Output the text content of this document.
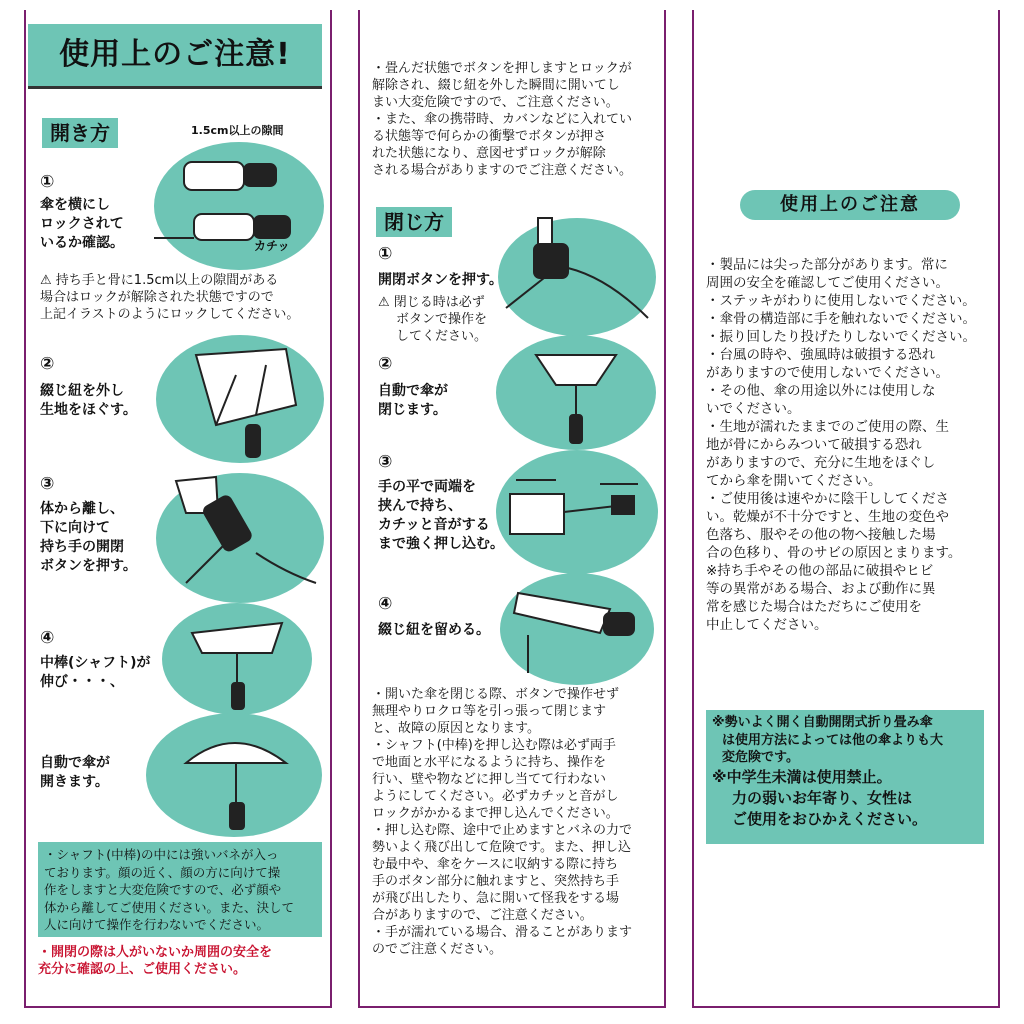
使用上のご注意!
開き方	1.5cm以上の隙間
カチッ
①

傘を横にし

ロックされて

いるか確認。

⚠ 持ち手と骨に1.5cm以上の隙間がある

場合はロックが解除された状態ですので

上記イラストのようにロックしてください。

②

綴じ紐を外し

生地をほぐす。

③

体から離し、

下に向けて

持ち手の開閉

ボタンを押す。

④

中棒(シャフト)が

伸び・・・、

自動で傘が

開きます。

・シャフト(中棒)の中には強いバネが入っ

ております。顔の近く、顔の方に向けて操

作をしますと大変危険ですので、必ず顔や

体から離してご使用ください。また、決して

人に向けて操作を行わないでください。

・開閉の際は人がいないか周囲の安全を

充分に確認の上、ご使用ください。

・畳んだ状態でボタンを押しますとロックが

解除され、綴じ紐を外した瞬間に開いてし

まい大変危険ですので、ご注意ください。

・また、傘の携帯時、カバンなどに入れてい

る状態等で何らかの衝撃でボタンが押さ

れた状態になり、意図せずロックが解除

される場合がありますのでご注意ください。

閉じ方
①
開閉ボタンを押す。

⚠ 閉じる時は必ず

ボタンで操作を

してください。

②

自動で傘が

閉じます。

③

手の平で両端を

挟んで持ち、

カチッと音がする

まで強く押し込む。

④
綴じ紐を留める。

・開いた傘を閉じる際、ボタンで操作せず

無理やりロクロ等を引っ張って閉じます

と、故障の原因となります。

・シャフト(中棒)を押し込む際は必ず両手

で地面と水平になるように持ち、操作を

行い、壁や物などに押し当てて行わない

ようにしてください。必ずカチッと音がし

ロックがかかるまで押し込んでください。

・押し込む際、途中で止めますとバネの力で

勢いよく飛び出して危険です。また、押し込

む最中や、傘をケースに収納する際に持ち

手のボタン部分に触れますと、突然持ち手

が飛び出したり、急に開いて怪我をする場

合がありますので、ご注意ください。

・手が濡れている場合、滑ることがあります

のでご注意ください。

使用上のご注意

・製品には尖った部分があります。常に

周囲の安全を確認してご使用ください。

・ステッキがわりに使用しないでください。

・傘骨の構造部に手を触れないでください。

・振り回したり投げたりしないでください。

・台風の時や、強風時は破損する恐れ

がありますので使用しないでください。

・その他、傘の用途以外には使用しな

いでください。

・生地が濡れたままでのご使用の際、生

地が骨にからみついて破損する恐れ

がありますので、充分に生地をほぐし

てから傘を開いてください。

・ご使用後は速やかに陰干ししてくださ

い。乾燥が不十分ですと、生地の変色や

色落ち、服やその他の物へ接触した場

合の色移り、骨のサビの原因とまります。

※持ち手やその他の部品に破損やヒビ

等の異常がある場合、および動作に異

常を感じた場合はただちにご使用を

中止してください。

※勢いよく開く自動開閉式折り畳み傘

は使用方法によっては他の傘よりも大

変危険です。

※中学生未満は使用禁止。

力の弱いお年寄り、女性は

ご使用をおひかえください。
